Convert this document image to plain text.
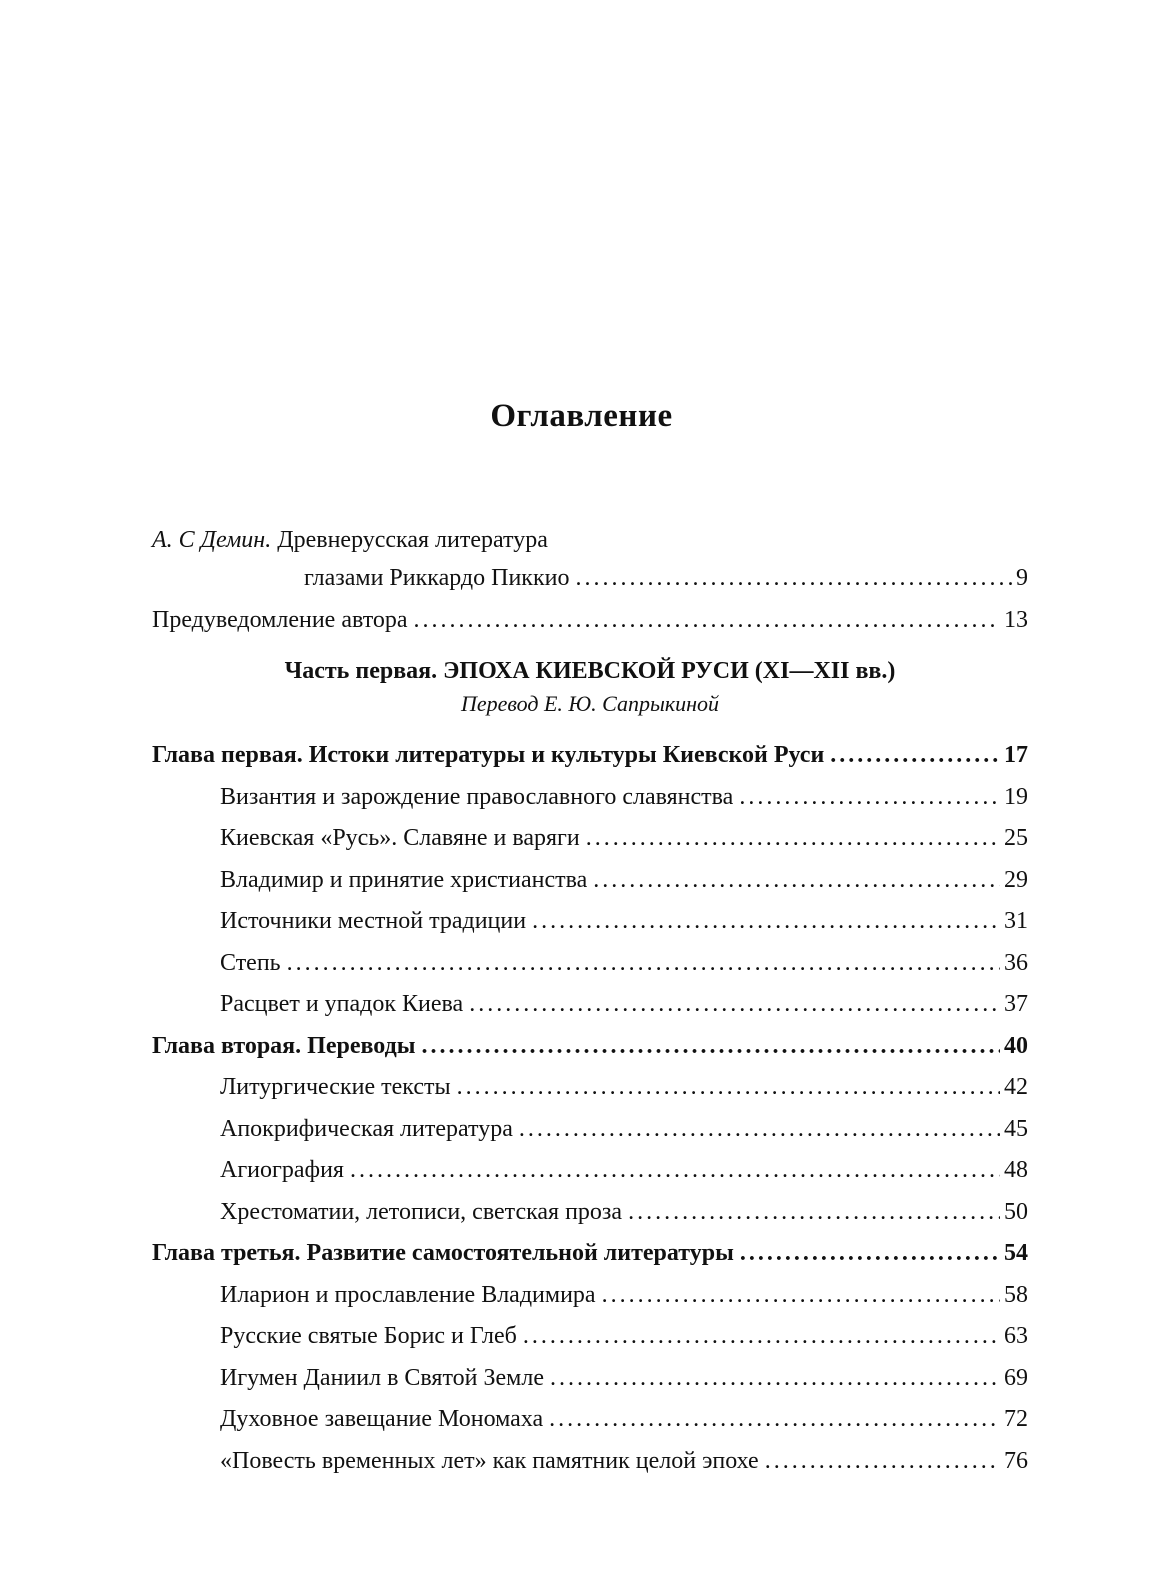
Оглавление
А. С Демин. Древнерусская литература
глазами Риккардо Пиккио .....	9
Предуведомление автора .....	13
Часть первая. ЭПОХА КИЕВСКОЙ РУСИ (XI—XII вв.)
Перевод Е. Ю. Сапрыкиной
Глава первая. Истоки литературы и культуры Киевской Руси .....	17
Византия и зарождение православного славянства .....	19
Киевская «Русь». Славяне и варяги .....	25
Владимир и принятие христианства .....	29
Источники местной традиции .....	31
Степь .....	36
Расцвет и упадок Киева .....	37
Глава вторая. Переводы .....	40
Литургические тексты .....	42
Апокрифическая литература .....	45
Агиография .....	48
Хрестоматии, летописи, светская проза .....	50
Глава третья. Развитие самостоятельной литературы .....	54
Иларион и прославление Владимира .....	58
Русские святые Борис и Глеб .....	63
Игумен Даниил в Святой Земле .....	69
Духовное завещание Мономаха .....	72
«Повесть временных лет» как памятник целой эпохе .....	76
